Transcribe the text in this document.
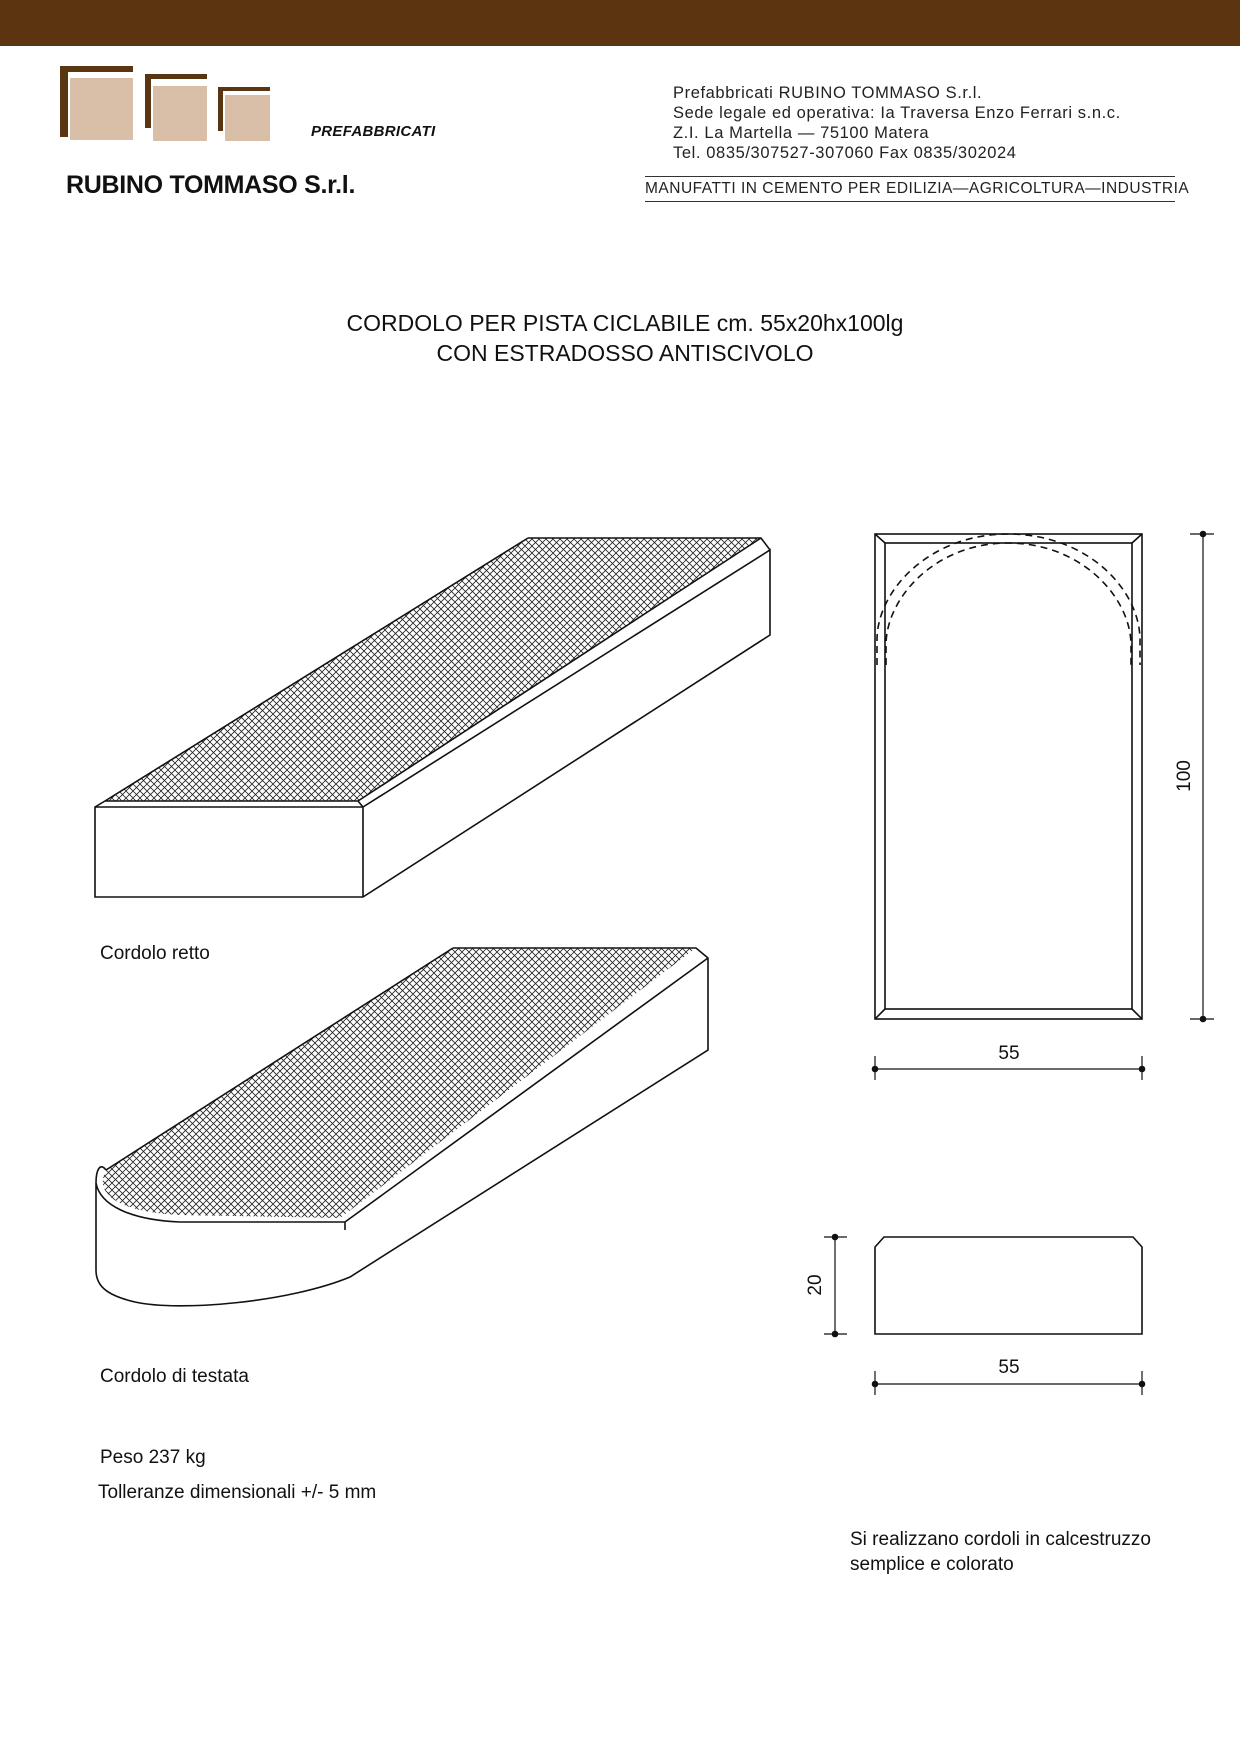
PREFABBRICATI
RUBINO TOMMASO S.r.l.
Prefabbricati RUBINO TOMMASO S.r.l.
Sede legale ed operativa: Ia Traversa Enzo Ferrari s.n.c.
Z.I. La Martella — 75100 Matera
Tel. 0835/307527-307060 Fax 0835/302024
MANUFATTI IN CEMENTO PER EDILIZIA—AGRICOLTURA—INDUSTRIA
CORDOLO PER PISTA CICLABILE cm. 55x20hx100lg
CON ESTRADOSSO ANTISCIVOLO
100
55
20
55
Cordolo retto
Cordolo di testata
Peso 237 kg
Tolleranze dimensionali +/- 5 mm
Si realizzano cordoli in calcestruzzo
semplice e colorato
